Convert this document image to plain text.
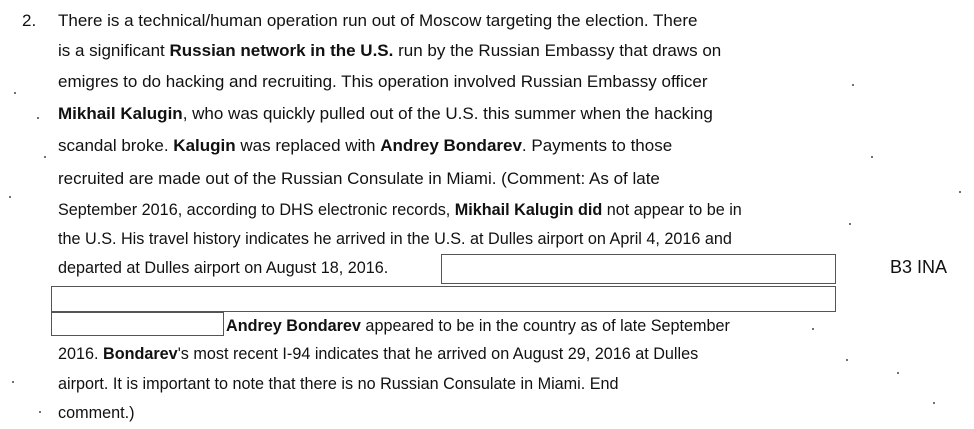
2. There is a technical/human operation run out of Moscow targeting the election. There
is a significant Russian network in the U.S. run by the Russian Embassy that draws on
emigres to do hacking and recruiting. This operation involved Russian Embassy officer
Mikhail Kalugin, who was quickly pulled out of the U.S. this summer when the hacking
scandal broke. Kalugin was replaced with Andrey Bondarev. Payments to those
recruited are made out of the Russian Consulate in Miami. (Comment: As of late
September 2016, according to DHS electronic records, Mikhail Kalugin did not appear to be in
the U.S. His travel history indicates he arrived in the U.S. at Dulles airport on April 4, 2016 and
departed at Dulles airport on August 18, 2016.
Andrey Bondarev appeared to be in the country as of late September
2016. Bondarev's most recent I-94 indicates that he arrived on August 29, 2016 at Dulles
airport. It is important to note that there is no Russian Consulate in Miami. End
comment.)
B3 INA
